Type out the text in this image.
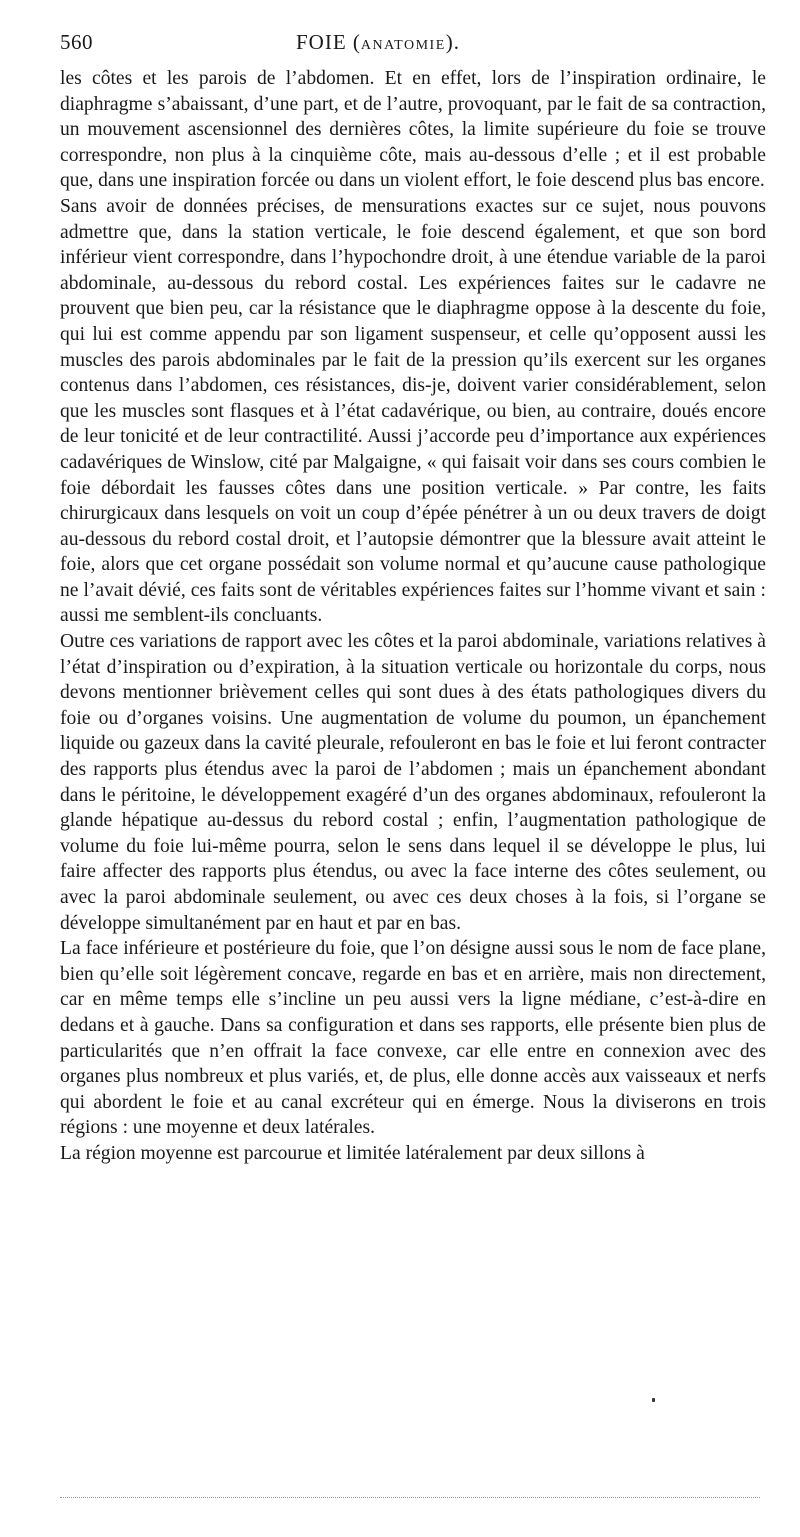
560	FOIE (ANATOMIE).

les côtes et les parois de l’abdomen. Et en effet, lors de l’inspiration ordinaire, le diaphragme s’abaissant, d’une part, et de l’autre, provoquant, par le fait de sa contraction, un mouvement ascensionnel des dernières côtes, la limite supérieure du foie se trouve correspondre, non plus à la cinquième côte, mais au-dessous d’elle ; et il est probable que, dans une inspiration forcée ou dans un violent effort, le foie descend plus bas encore.

Sans avoir de données précises, de mensurations exactes sur ce sujet, nous pouvons admettre que, dans la station verticale, le foie descend également, et que son bord inférieur vient correspondre, dans l’hypochondre droit, à une étendue variable de la paroi abdominale, au-dessous du rebord costal. Les expériences faites sur le cadavre ne prouvent que bien peu, car la résistance que le diaphragme oppose à la descente du foie, qui lui est comme appendu par son ligament suspenseur, et celle qu’opposent aussi les muscles des parois abdominales par le fait de la pression qu’ils exercent sur les organes contenus dans l’abdomen, ces résistances, dis-je, doivent varier considérablement, selon que les muscles sont flasques et à l’état cadavérique, ou bien, au contraire, doués encore de leur tonicité et de leur contractilité. Aussi j’accorde peu d’importance aux expériences cadavériques de Winslow, cité par Malgaigne, « qui faisait voir dans ses cours combien le foie débordait les fausses côtes dans une position verticale. » Par contre, les faits chirurgicaux dans lesquels on voit un coup d’épée pénétrer à un ou deux travers de doigt au-dessous du rebord costal droit, et l’autopsie démontrer que la blessure avait atteint le foie, alors que cet organe possédait son volume normal et qu’aucune cause pathologique ne l’avait dévié, ces faits sont de véritables expériences faites sur l’homme vivant et sain : aussi me semblent-ils concluants.

Outre ces variations de rapport avec les côtes et la paroi abdominale, variations relatives à l’état d’inspiration ou d’expiration, à la situation verticale ou horizontale du corps, nous devons mentionner brièvement celles qui sont dues à des états pathologiques divers du foie ou d’organes voisins. Une augmentation de volume du poumon, un épanchement liquide ou gazeux dans la cavité pleurale, refouleront en bas le foie et lui feront contracter des rapports plus étendus avec la paroi de l’abdomen ; mais un épanchement abondant dans le péritoine, le développement exagéré d’un des organes abdominaux, refouleront la glande hépatique au-dessus du rebord costal ; enfin, l’augmentation pathologique de volume du foie lui-même pourra, selon le sens dans lequel il se développe le plus, lui faire affecter des rapports plus étendus, ou avec la face interne des côtes seulement, ou avec la paroi abdominale seulement, ou avec ces deux choses à la fois, si l’organe se développe simultanément par en haut et par en bas.

La face inférieure et postérieure du foie, que l’on désigne aussi sous le nom de face plane, bien qu’elle soit légèrement concave, regarde en bas et en arrière, mais non directement, car en même temps elle s’incline un peu aussi vers la ligne médiane, c’est-à-dire en dedans et à gauche. Dans sa configuration et dans ses rapports, elle présente bien plus de particularités que n’en offrait la face convexe, car elle entre en connexion avec des organes plus nombreux et plus variés, et, de plus, elle donne accès aux vaisseaux et nerfs qui abordent le foie et au canal excréteur qui en émerge. Nous la diviserons en trois régions : une moyenne et deux latérales.

La région moyenne est parcourue et limitée latéralement par deux sillons à
